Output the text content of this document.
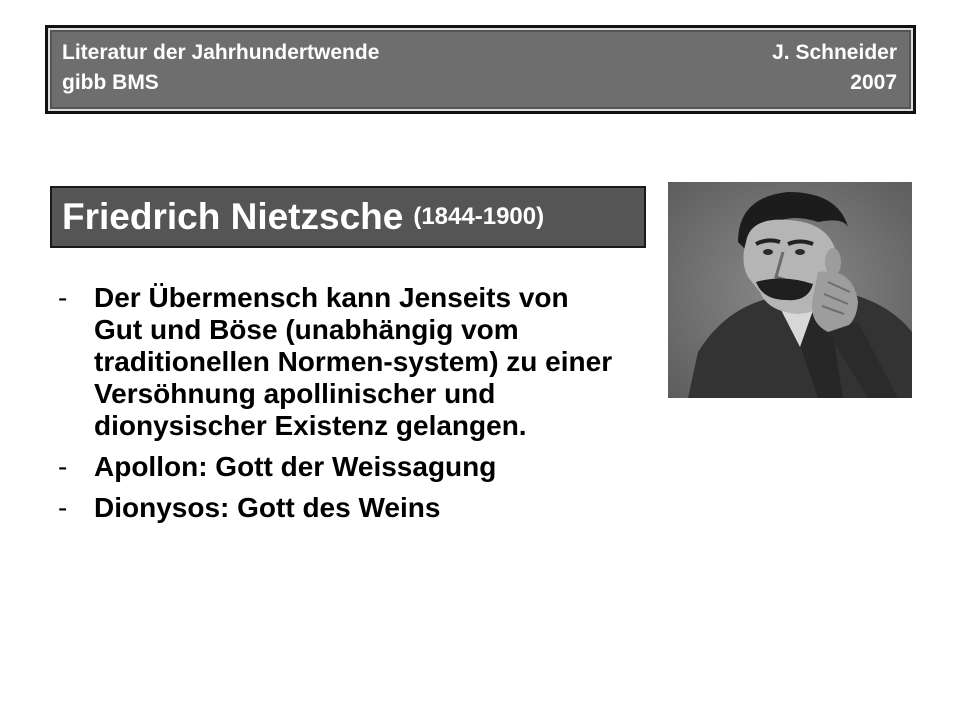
Literatur der Jahrhundertwende	J. Schneider
gibb BMS	2007
Friedrich Nietzsche (1844-1900)
- Der Übermensch kann Jenseits von Gut und Böse (unabhängig vom traditionellen Normen-system) zu einer Versöhnung apollinischer und dionysischer Existenz gelangen.
- Apollon: Gott der Weissagung
- Dionysos: Gott des Weins
